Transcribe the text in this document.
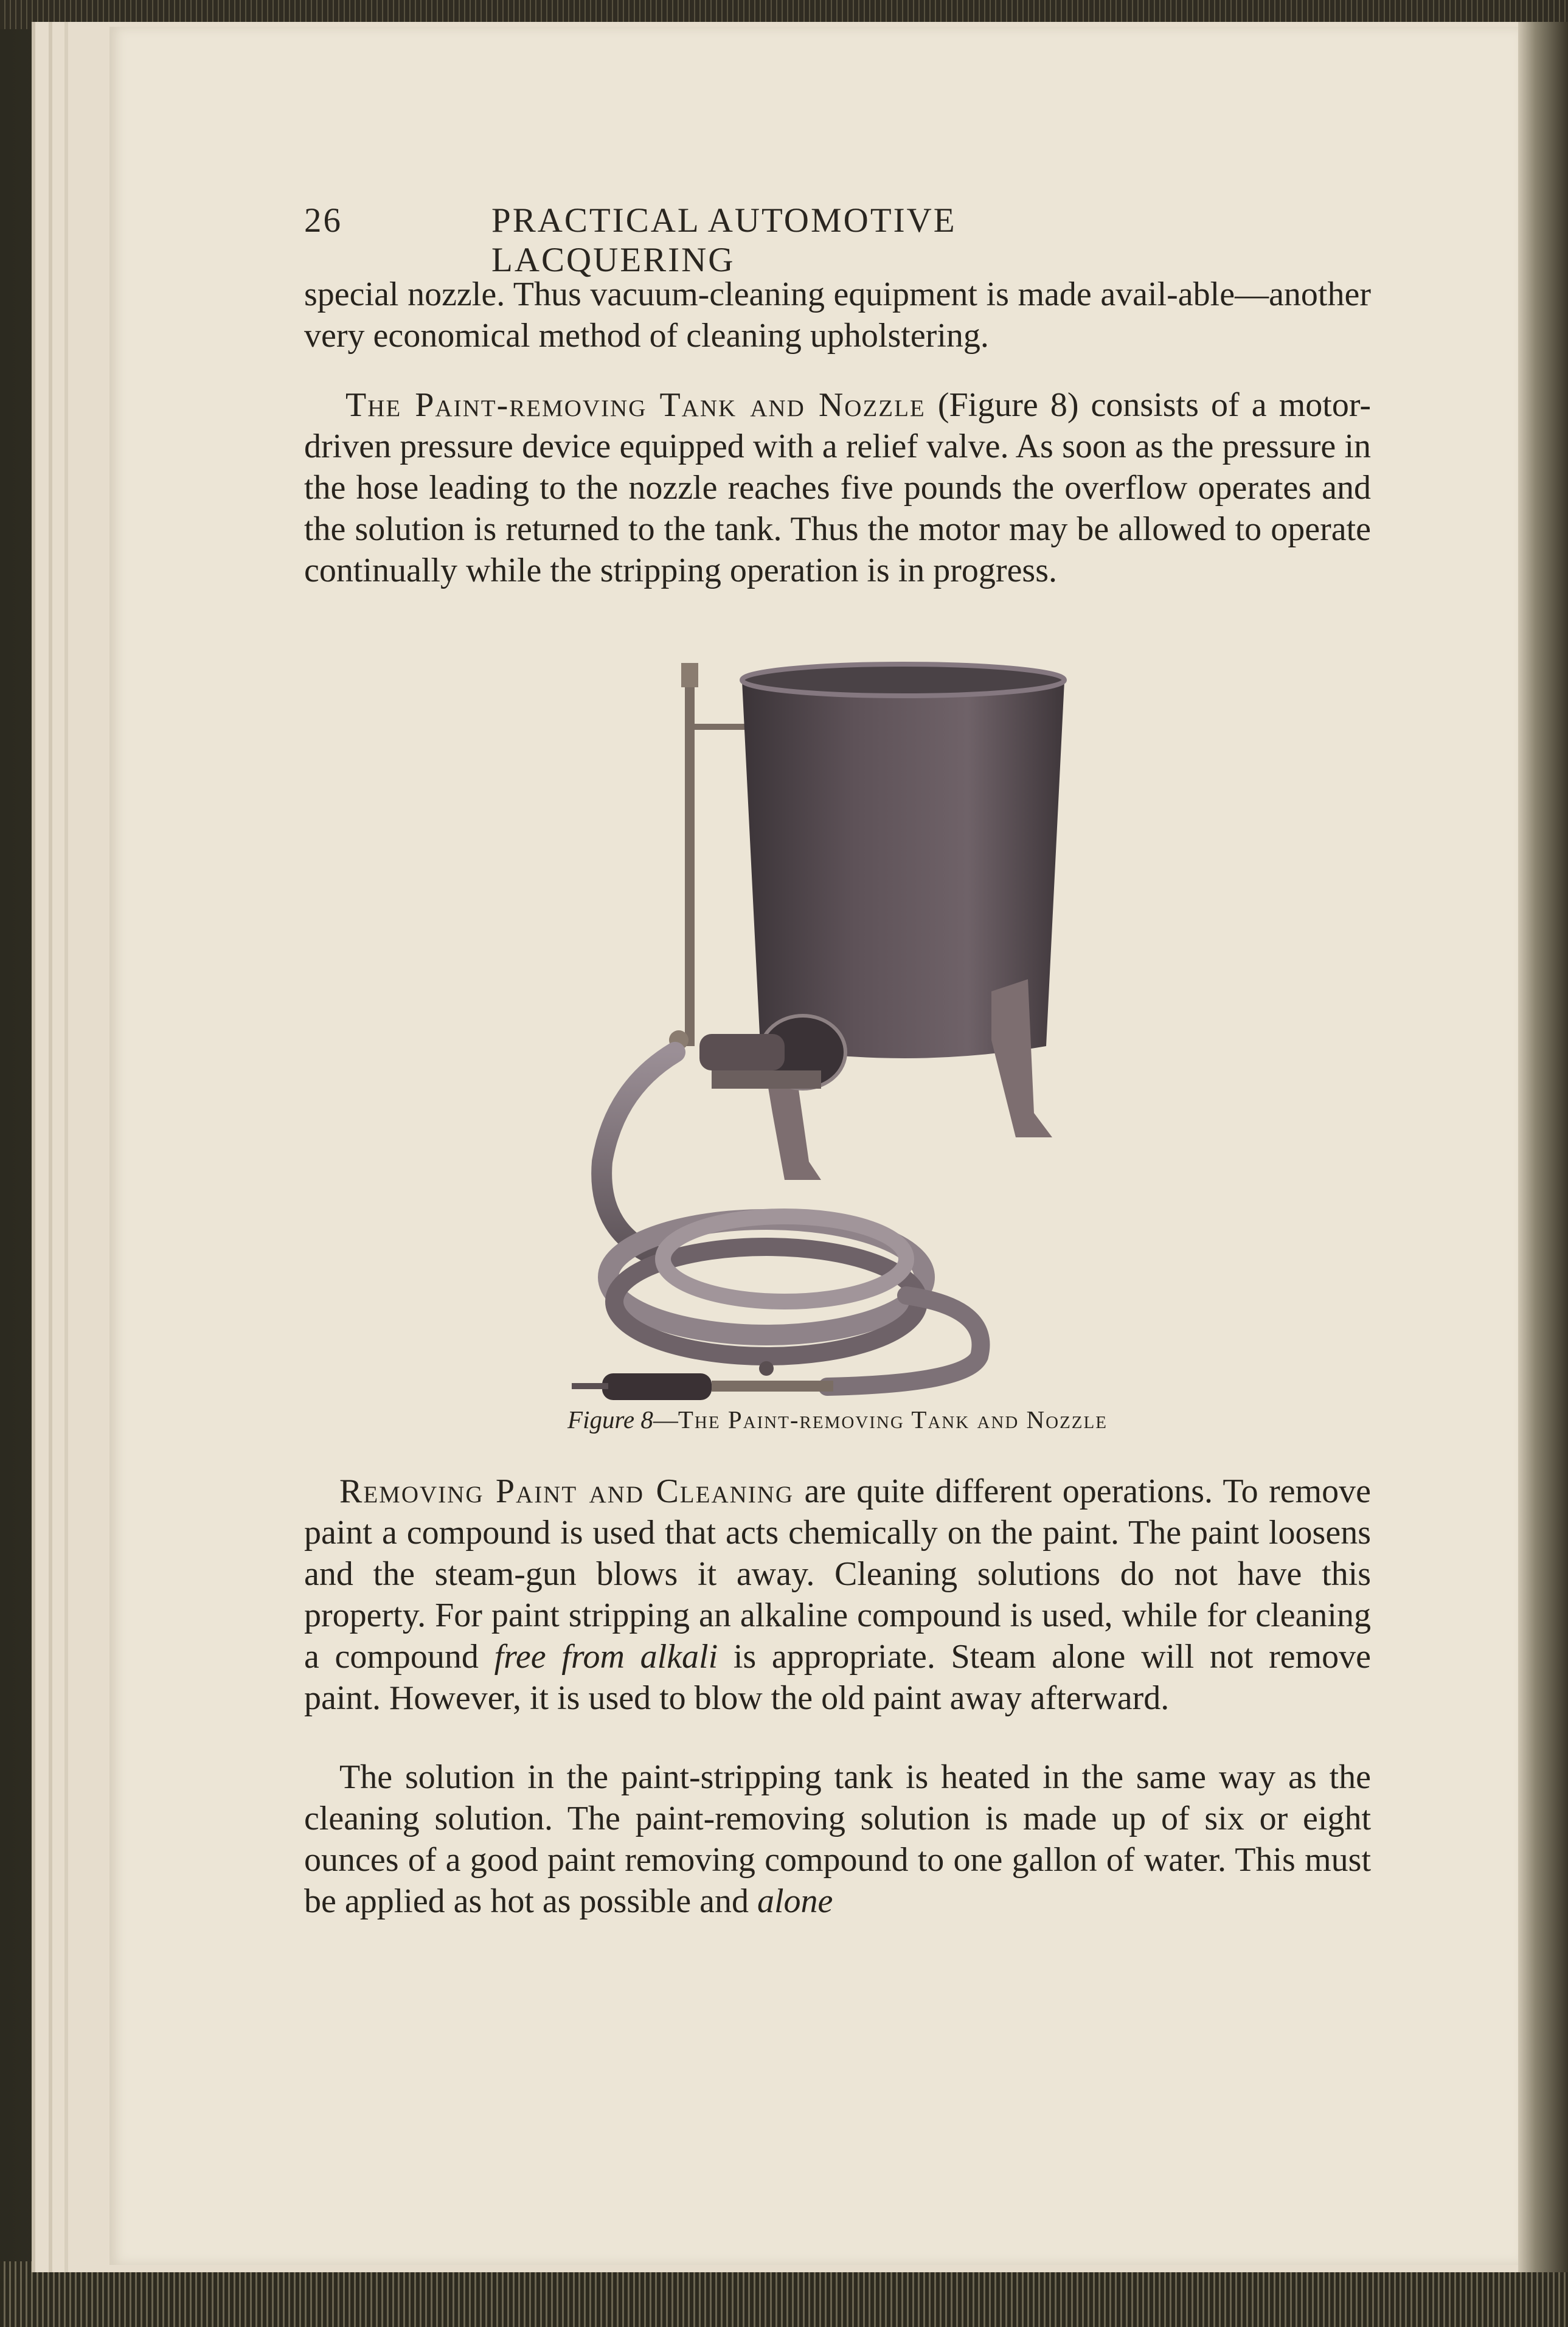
26	PRACTICAL AUTOMOTIVE LACQUERING

special nozzle. Thus vacuum-cleaning equipment is made avail-able—another very economical method of cleaning upholstering.

The Paint-removing Tank and Nozzle (Figure 8) consists of a motor-driven pressure device equipped with a relief valve. As soon as the pressure in the hose leading to the nozzle reaches five pounds the overflow operates and the solution is returned to the tank. Thus the motor may be allowed to operate continually while the stripping operation is in progress.

Figure 8—The Paint-removing Tank and Nozzle

Removing Paint and Cleaning are quite different operations. To remove paint a compound is used that acts chemically on the paint. The paint loosens and the steam-gun blows it away. Cleaning solutions do not have this property. For paint stripping an alkaline compound is used, while for cleaning a compound free from alkali is appropriate. Steam alone will not remove paint. However, it is used to blow the old paint away afterward.

The solution in the paint-stripping tank is heated in the same way as the cleaning solution. The paint-removing solution is made up of six or eight ounces of a good paint removing compound to one gallon of water. This must be applied as hot as possible and alone
